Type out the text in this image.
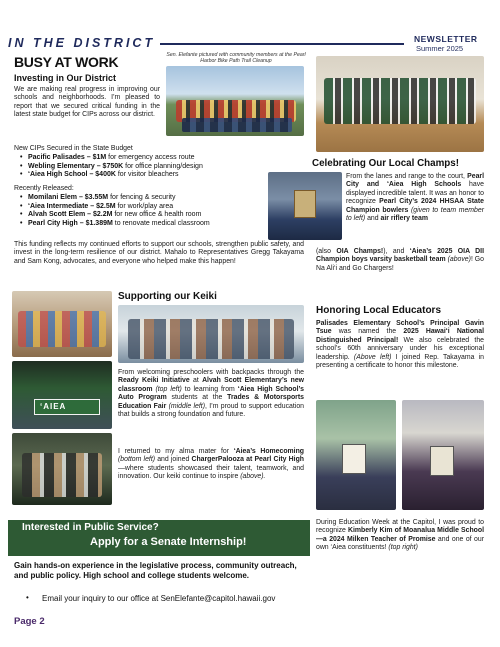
IN THE DISTRICT	NEWSLETTER
Summer 2025
BUSY AT WORK
Investing in Our District
Sen. Elefante pictured with community members at the Pearl Harbor Bike Path Trail Cleanup
We are making real progress in improving our schools and neighborhoods. I’m pleased to report that we secured critical funding in the latest state budget for CIPs across our district.
New CIPs Secured in the State Budget
• Pacific Palisades – $1M for emergency access route
• Webling Elementary – $750K for office planning/design
• ‘Aiea High School – $400K for visitor bleachers
Recently Released:
• Momilani Elem – $3.55M for fencing & security
• ‘Aiea Intermediate – $2.5M for work/play area
• Alvah Scott Elem – $2.2M for new office & health room
• Pearl City High – $1.389M to renovate medical classroom
This funding reflects my continued efforts to support our schools, strengthen public safety, and invest in the long-term resilience of our district. Mahalo to Representatives Gregg Takayama and Sam Kong, advocates, and everyone who helped make this happen!
Celebrating Our Local Champs!
From the lanes and range to the court, Pearl City and ‘Aiea High Schools have displayed incredible talent. It was an honor to recognize Pearl City’s 2024 HHSAA State Champion bowlers (given to team member to left) and air riflery team
(also OIA Champs!), and ‘Aiea’s 2025 OIA DII Champion boys varsity basketball team (above)! Go Na Ali‘i and Go Chargers!
Supporting our Keiki
‘AIEA
From welcoming preschoolers with backpacks through the Ready Keiki Initiative at Alvah Scott Elementary’s new classroom (top left) to learning from ‘Aiea High School’s Auto Program students at the Trades & Motorsports Education Fair (middle left), I’m proud to support education that builds a strong foundation and future.
I returned to my alma mater for ‘Aiea’s Homecoming (bottom left) and joined ChargerPalooza at Pearl City High—where students showcased their talent, teamwork, and innovation. Our keiki continue to inspire (above).
Honoring Local Educators
Palisades Elementary School’s Principal Gavin Tsue was named the 2025 Hawai‘i National Distinguished Principal! We also celebrated the school’s 60th anniversary under his exceptional leadership. (Above left) I joined Rep. Takayama in presenting a certificate to honor this milestone.
During Education Week at the Capitol, I was proud to recognize Kimberly Kim of Moanalua Middle School—a 2024 Milken Teacher of Promise and one of our own ‘Aiea constituents! (top right)
Interested in Public Service?
Apply for a Senate Internship!
Gain hands-on experience in the legislative process, community outreach, and public policy. High school and college students welcome.
• Email your inquiry to our office at SenElefante@capitol.hawaii.gov
Page 2
